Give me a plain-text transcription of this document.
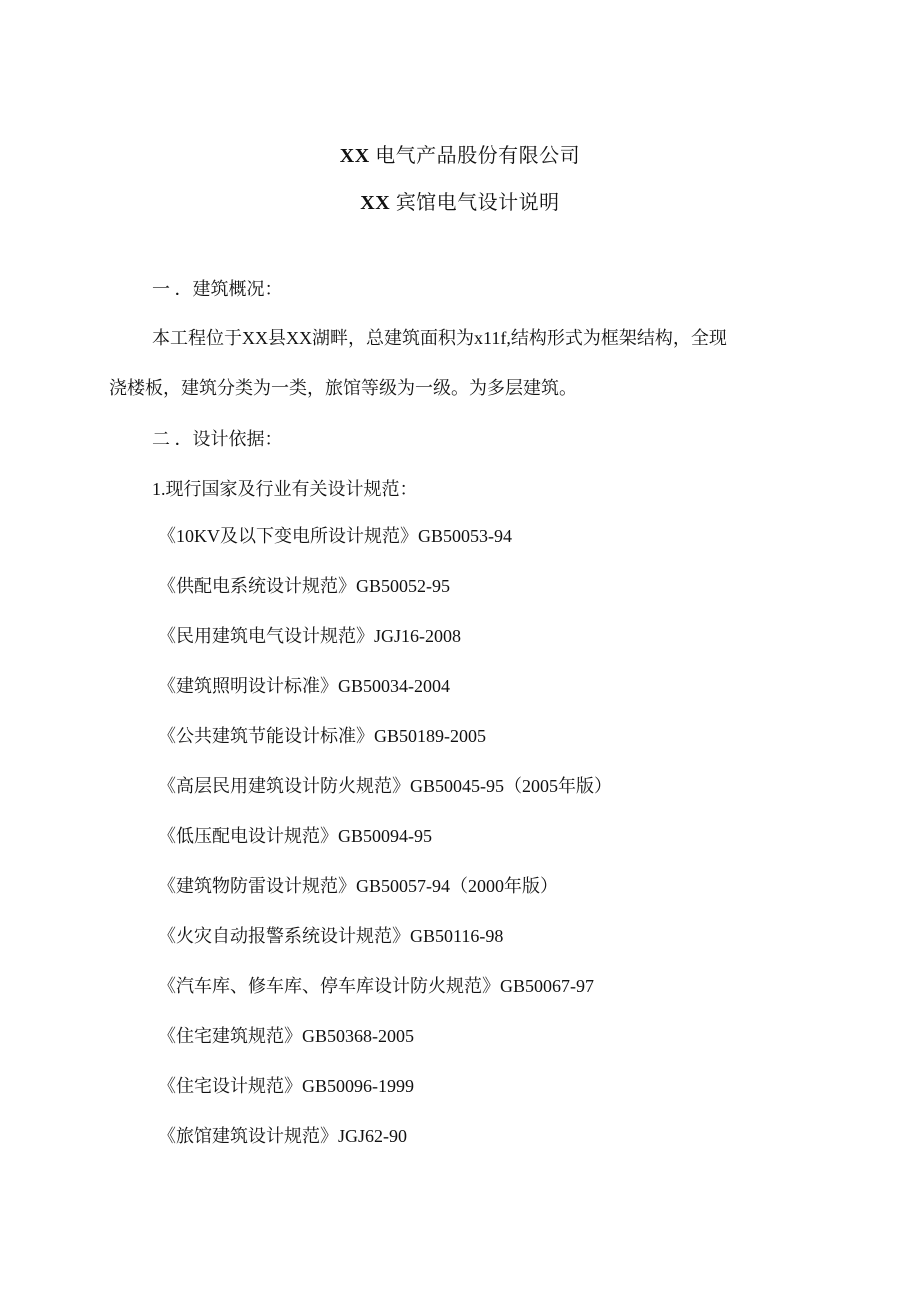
XX 电气产品股份有限公司
XX 宾馆电气设计说明
一 ．建筑概况：
本工程位于XX县XX湖畔，总建筑面积为x11f,结构形式为框架结构，全现
浇楼板，建筑分类为一类，旅馆等级为一级。为多层建筑。
二 ．设计依据：
1.现行国家及行业有关设计规范：
《10KV及以下变电所设计规范》GB50053-94
《供配电系统设计规范》GB50052-95
《民用建筑电气设计规范》JGJ16-2008
《建筑照明设计标准》GB50034-2004
《公共建筑节能设计标准》GB50189-2005
《高层民用建筑设计防火规范》GB50045-95（2005年版）
《低压配电设计规范》GB50094-95
《建筑物防雷设计规范》GB50057-94（2000年版）
《火灾自动报警系统设计规范》GB50116-98
《汽车库、修车库、停车库设计防火规范》GB50067-97
《住宅建筑规范》GB50368-2005
《住宅设计规范》GB50096-1999
《旅馆建筑设计规范》JGJ62-90
